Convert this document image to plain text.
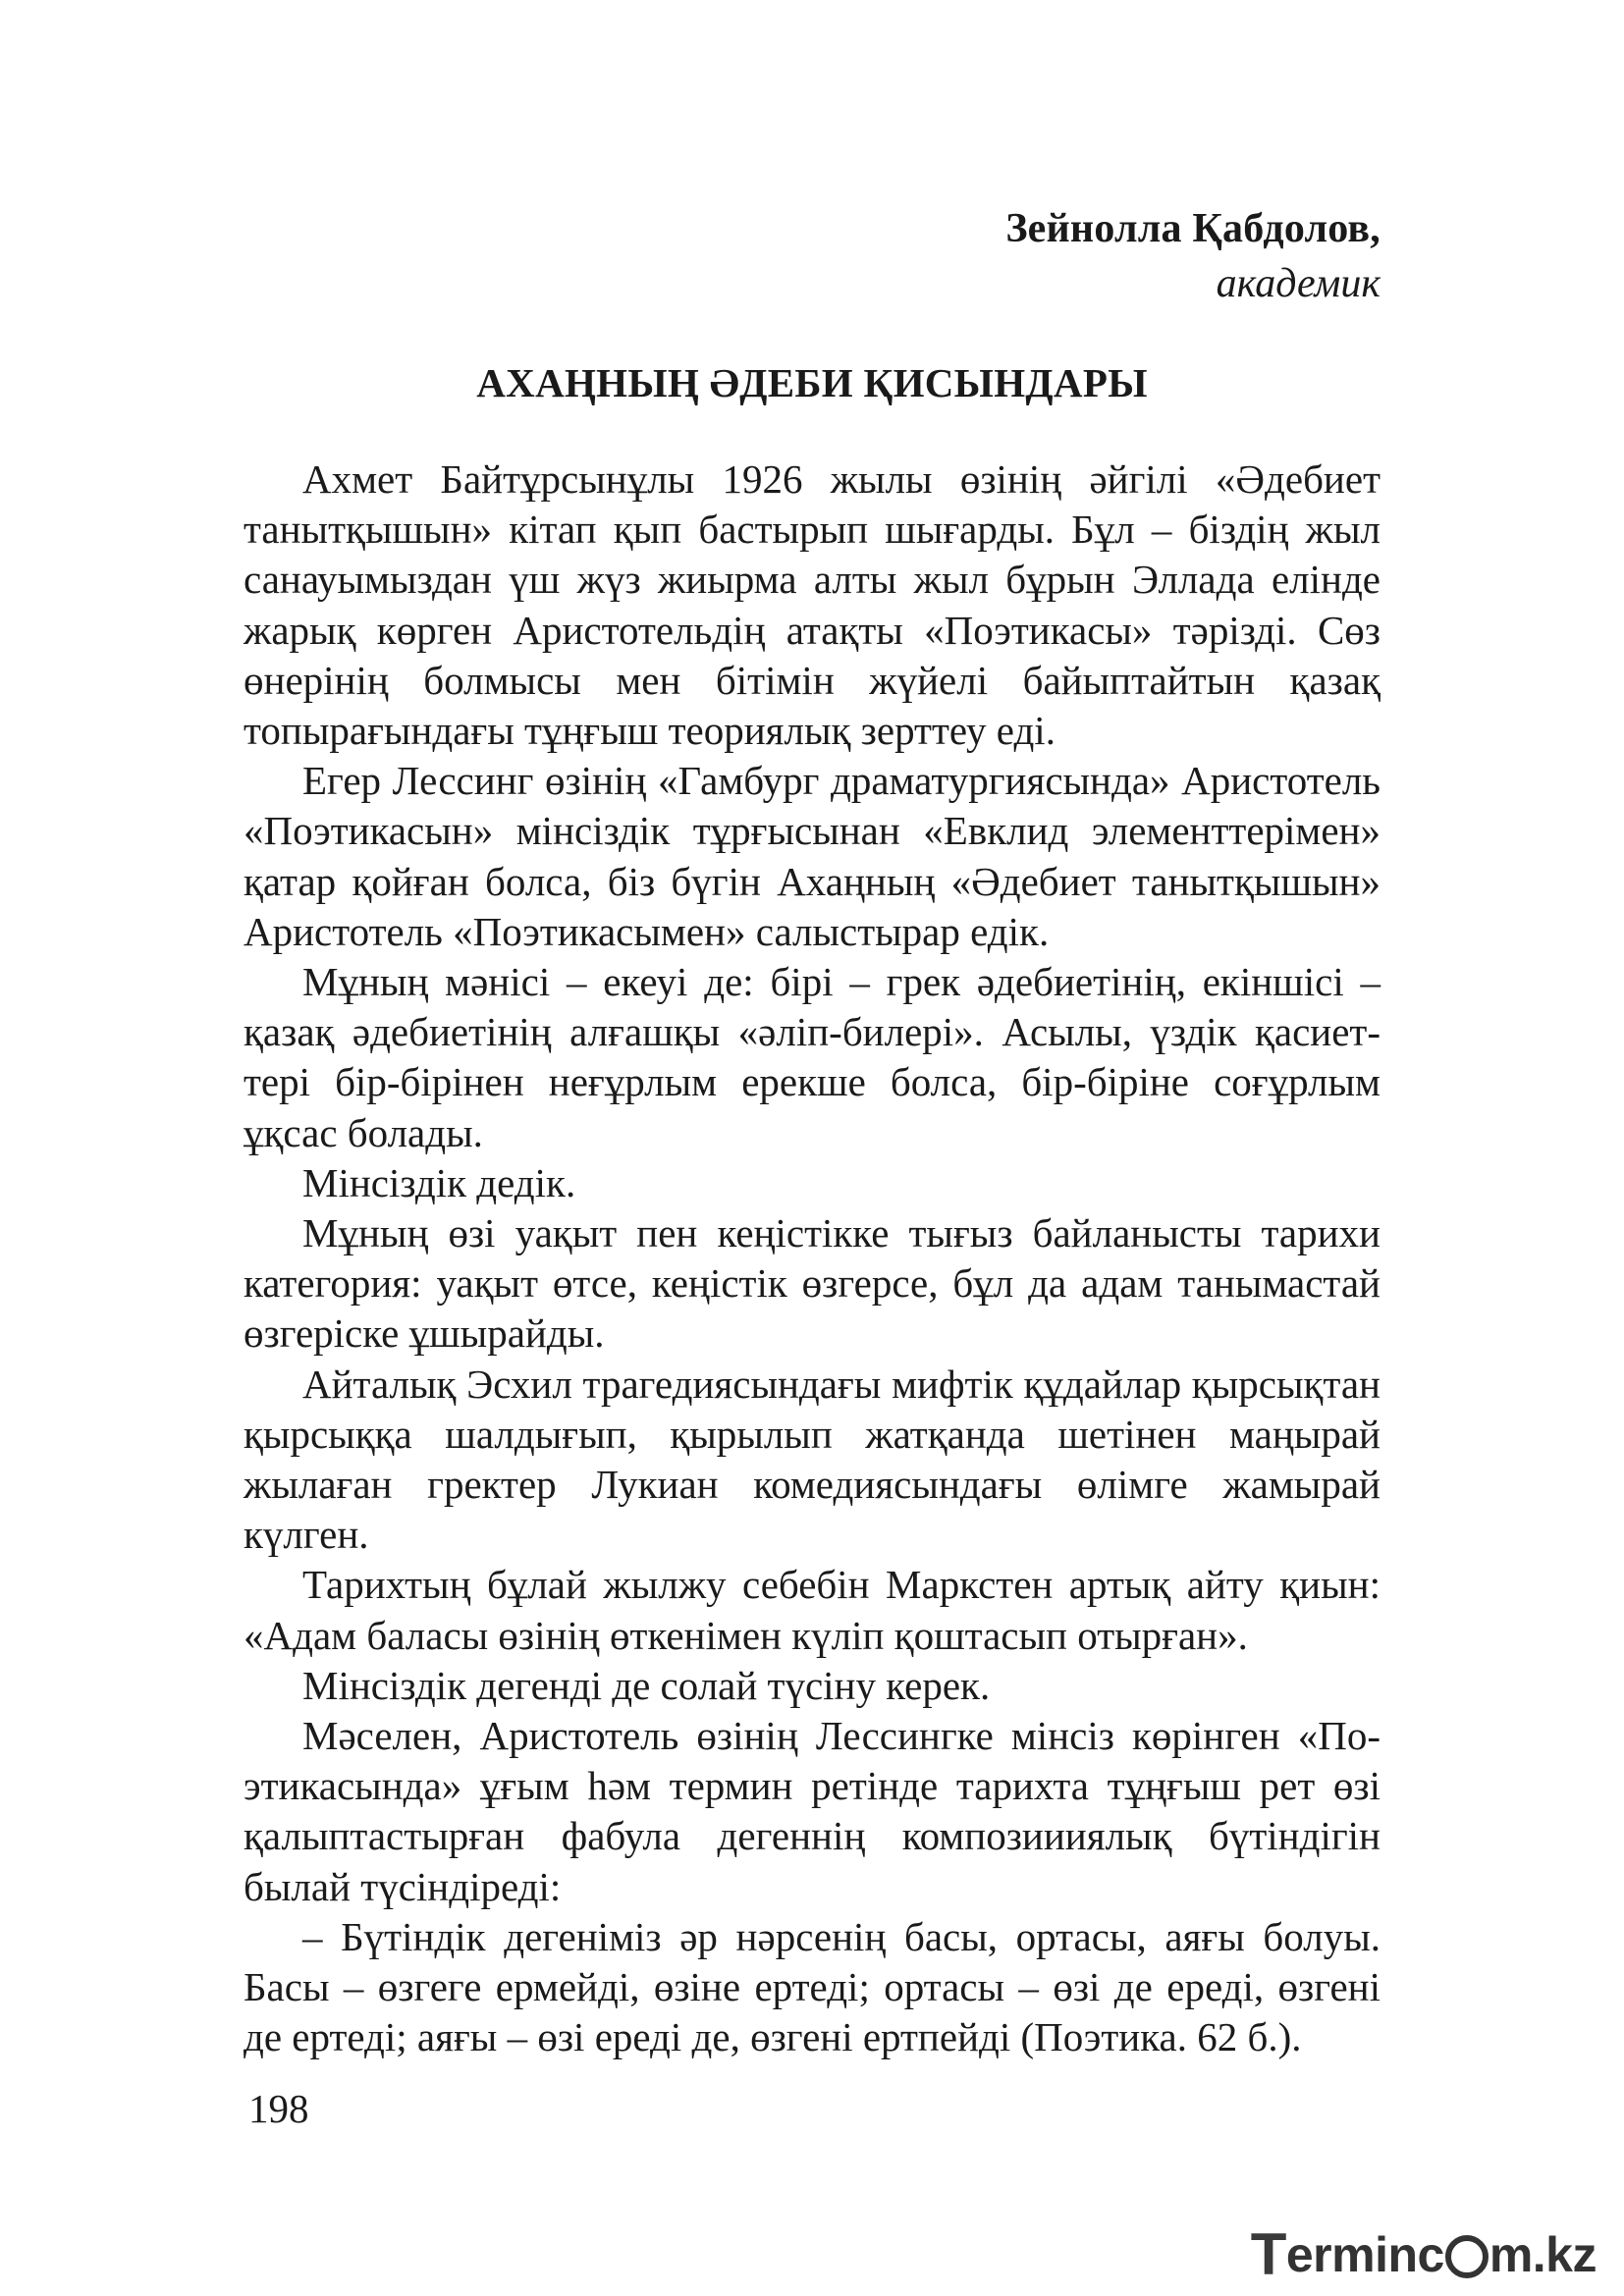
Зейнолла Қабдолов,
академик
АХАҢНЫҢ ӘДЕБИ ҚИСЫНДАРЫ

Ахмет Байтұрсынұлы 1926 жылы өзінің әйгілі «Әдебиет танытқышын» кітап қып бастырып шығарды. Бұл – біздің жыл санауымыздан үш жүз жиырма алты жыл бұрын Эллада елінде жарық көрген Аристотельдің атақты «Поэтикасы» тәрізді. Сөз өнерінің болмысы мен бітімін жүйелі байыптайтын қазақ топырағындағы тұңғыш теориялық зерттеу еді.

Егер Лессинг өзінің «Гамбург драматургиясында» Аристотель «Поэтикасын» мінсіздік тұрғысынан «Евклид элементтерімен» қатар қойған болса, біз бүгін Ахаңның «Әдебиет танытқышын» Аристотель «Поэтикасымен» салыстырар едік.

Мұның мәнісі – екеуі де: бірі – грек әдебиетінің, екіншісі – қазақ әдебиетінің алғашқы «әліп-билері». Асылы, үздік қасиеттері бір-бірінен неғұрлым ерекше болса, бір-біріне соғұрлым ұқсас болады.

Мінсіздік дедік.

Мұның өзі уақыт пен кеңістікке тығыз байланысты тарихи категория: уақыт өтсе, кеңістік өзгерсе, бұл да адам танымастай өзгеріске ұшырайды.

Айталық Эсхил трагедиясындағы мифтік құдайлар қырсықтан қырсыққа шалдығып, қырылып жатқанда шетінен маңырай жылаған гректер Лукиан комедиясындағы өлімге жамырай күлген.

Тарихтың бұлай жылжу себебін Маркстен артық айту қиын: «Адам баласы өзінің өткенімен күліп қоштасып отырған».

Мінсіздік дегенді де солай түсіну керек.

Мәселен, Аристотель өзінің Лессингке мінсіз көрінген «Поэтикасында» ұғым һәм термин ретінде тарихта тұңғыш рет өзі қалыптастырған фабула дегеннің композиииялық бүтіндігін былай түсіндіреді:

– Бүтіндік дегеніміз әр нәрсенің басы, ортасы, аяғы болуы. Басы – өзгеге ермейді, өзіне ертеді; ортасы – өзі де ереді, өзгені де ертеді; аяғы – өзі ереді де, өзгені ертпейді (Поэтика. 62 б.).

198
T erminc m.kz
